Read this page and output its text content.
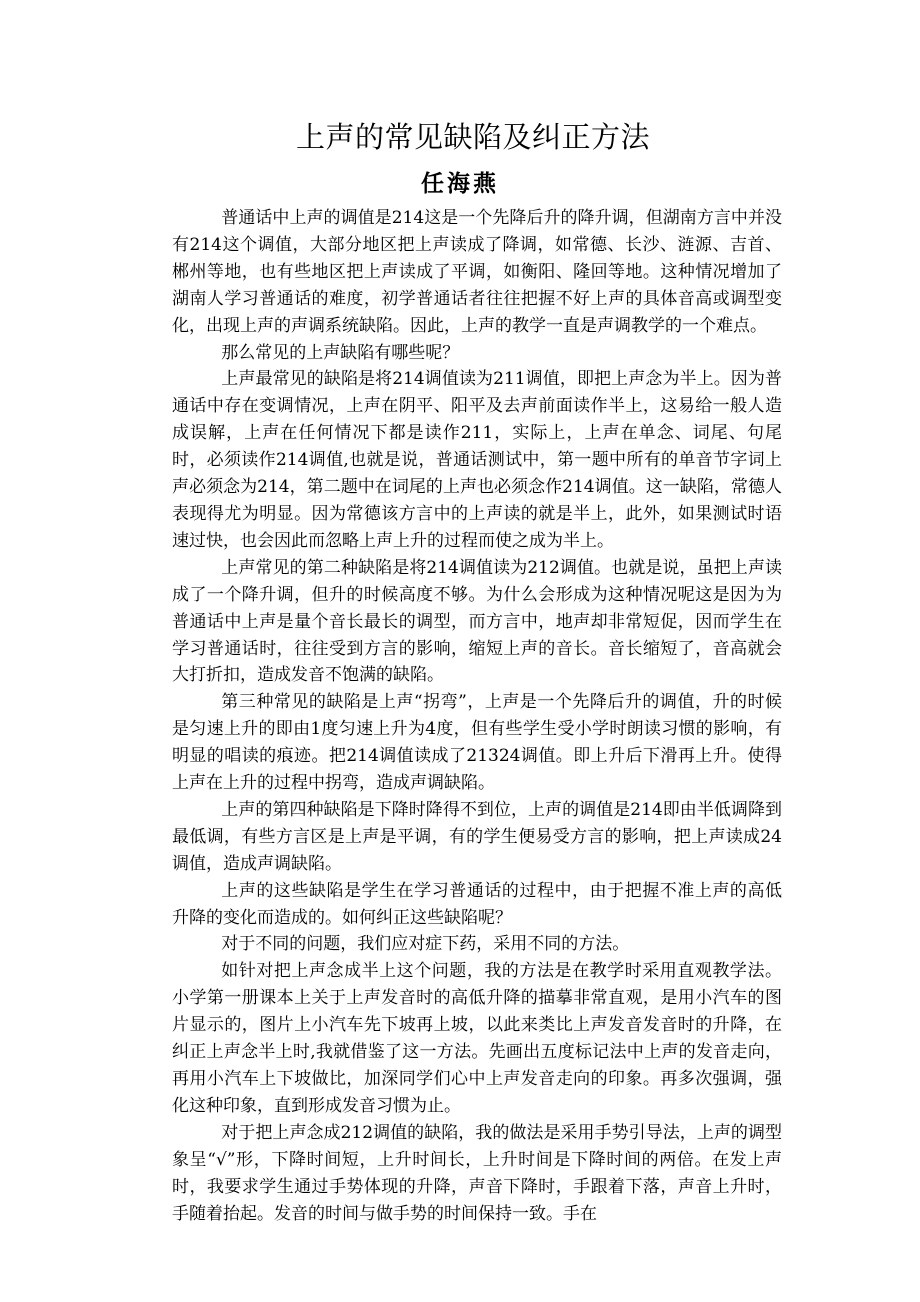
上声的常见缺陷及纠正方法
任海燕

普通话中上声的调值是214这是一个先降后升的降升调，但湖南方言中并没有214这个调值，大部分地区把上声读成了降调，如常德、长沙、涟源、吉首、郴州等地，也有些地区把上声读成了平调，如衡阳、隆回等地。这种情况增加了湖南人学习普通话的难度，初学普通话者往往把握不好上声的具体音高或调型变化，出现上声的声调系统缺陷。因此，上声的教学一直是声调教学的一个难点。

那么常见的上声缺陷有哪些呢？

上声最常见的缺陷是将214调值读为211调值，即把上声念为半上。因为普通话中存在变调情况，上声在阴平、阳平及去声前面读作半上，这易给一般人造成误解，上声在任何情况下都是读作211，实际上，上声在单念、词尾、句尾时，必须读作214调值,也就是说，普通话测试中，第一题中所有的单音节字词上声必须念为214，第二题中在词尾的上声也必须念作214调值。这一缺陷，常德人表现得尤为明显。因为常德该方言中的上声读的就是半上，此外，如果测试时语速过快，也会因此而忽略上声上升的过程而使之成为半上。

上声常见的第二种缺陷是将214调值读为212调值。也就是说，虽把上声读成了一个降升调，但升的时候高度不够。为什么会形成为这种情况呢这是因为为普通话中上声是量个音长最长的调型，而方言中，地声却非常短促，因而学生在学习普通话时，往往受到方言的影响，缩短上声的音长。音长缩短了，音高就会大打折扣，造成发音不饱满的缺陷。

第三种常见的缺陷是上声“拐弯”，上声是一个先降后升的调值，升的时候是匀速上升的即由1度匀速上升为4度，但有些学生受小学时朗读习惯的影响，有明显的唱读的痕迹。把214调值读成了21324调值。即上升后下滑再上升。使得上声在上升的过程中拐弯，造成声调缺陷。

上声的第四种缺陷是下降时降得不到位，上声的调值是214即由半低调降到最低调，有些方言区是上声是平调，有的学生便易受方言的影响，把上声读成24调值，造成声调缺陷。

上声的这些缺陷是学生在学习普通话的过程中，由于把握不准上声的高低升降的变化而造成的。如何纠正这些缺陷呢？

对于不同的问题，我们应对症下药，采用不同的方法。

如针对把上声念成半上这个问题，我的方法是在教学时采用直观教学法。小学第一册课本上关于上声发音时的高低升降的描摹非常直观，是用小汽车的图片显示的，图片上小汽车先下坡再上坡，以此来类比上声发音发音时的升降，在纠正上声念半上时,我就借鉴了这一方法。先画出五度标记法中上声的发音走向，再用小汽车上下坡做比，加深同学们心中上声发音走向的印象。再多次强调，强化这种印象，直到形成发音习惯为止。

对于把上声念成212调值的缺陷，我的做法是采用手势引导法，上声的调型象呈“√”形，下降时间短，上升时间长，上升时间是下降时间的两倍。在发上声时，我要求学生通过手势体现的升降，声音下降时，手跟着下落，声音上升时，手随着抬起。发音的时间与做手势的时间保持一致。手在
